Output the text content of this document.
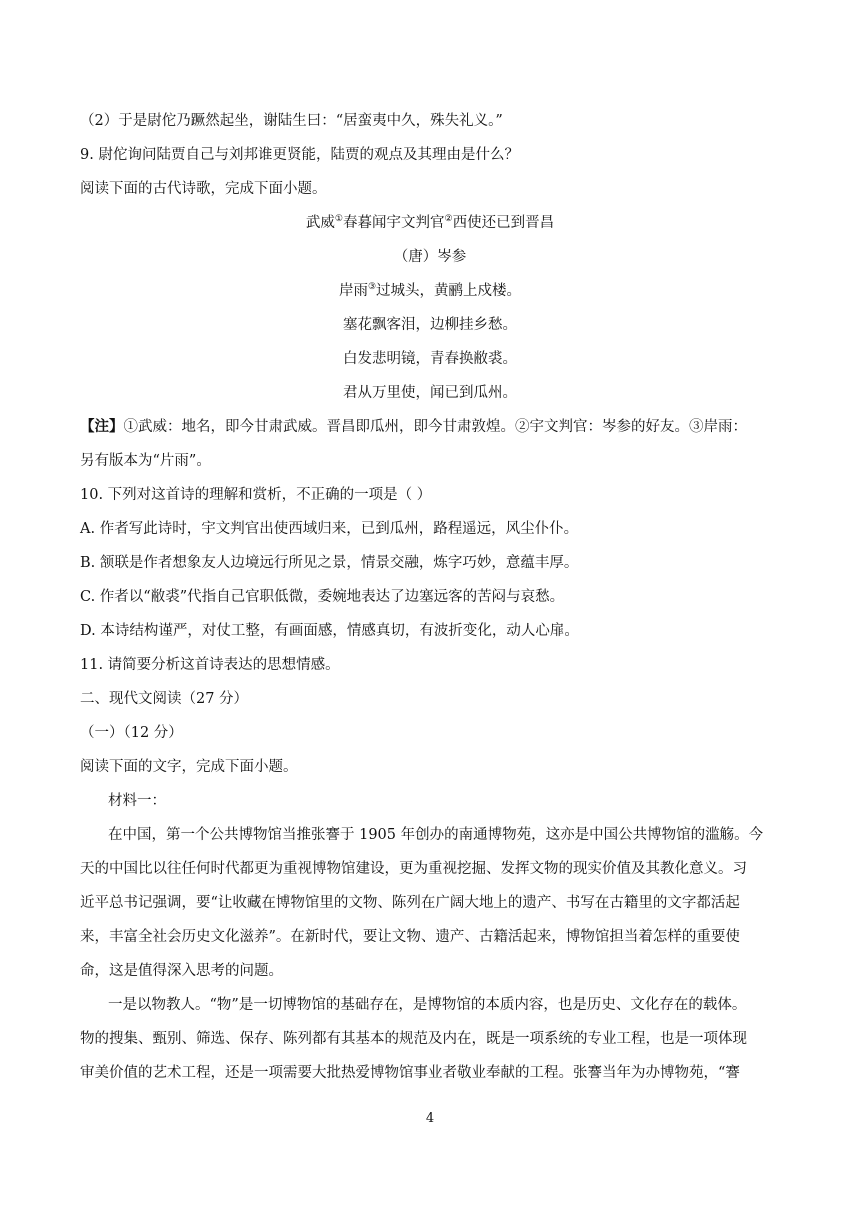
（2）于是尉佗乃蹶然起坐，谢陆生曰：“居蛮夷中久，殊失礼义。”
9. 尉佗询问陆贾自己与刘邦谁更贤能，陆贾的观点及其理由是什么？
阅读下面的古代诗歌，完成下面小题。
武威①春暮闻宇文判官②西使还已到晋昌
（唐）岑参
岸雨③过城头，黄鹂上戍楼。
塞花飘客泪，边柳挂乡愁。
白发悲明镜，青春换敝裘。
君从万里使，闻已到瓜州。
【注】①武威：地名，即今甘肃武威。晋昌即瓜州，即今甘肃敦煌。②宇文判官：岑参的好友。③岸雨：
另有版本为“片雨”。
10. 下列对这首诗的理解和赏析，不正确的一项是（ ）
A. 作者写此诗时，宇文判官出使西域归来，已到瓜州，路程遥远，风尘仆仆。
B. 颔联是作者想象友人边境远行所见之景，情景交融，炼字巧妙，意蕴丰厚。
C. 作者以“敝裘”代指自己官职低微，委婉地表达了边塞远客的苦闷与哀愁。
D. 本诗结构谨严，对仗工整，有画面感，情感真切，有波折变化，动人心扉。
11. 请简要分析这首诗表达的思想情感。
二、现代文阅读（27 分）
（一）（12 分）
阅读下面的文字，完成下面小题。
材料一：
在中国，第一个公共博物馆当推张謇于 1905 年创办的南通博物苑，这亦是中国公共博物馆的滥觞。今
天的中国比以往任何时代都更为重视博物馆建设，更为重视挖掘、发挥文物的现实价值及其教化意义。习
近平总书记强调，要“让收藏在博物馆里的文物、陈列在广阔大地上的遗产、书写在古籍里的文字都活起
来，丰富全社会历史文化滋养”。在新时代，要让文物、遗产、古籍活起来，博物馆担当着怎样的重要使
命，这是值得深入思考的问题。
一是以物教人。“物”是一切博物馆的基础存在，是博物馆的本质内容，也是历史、文化存在的载体。
物的搜集、甄别、筛选、保存、陈列都有其基本的规范及内在，既是一项系统的专业工程，也是一项体现
审美价值的艺术工程，还是一项需要大批热爱博物馆事业者敬业奉献的工程。张謇当年为办博物苑，“謇
4
